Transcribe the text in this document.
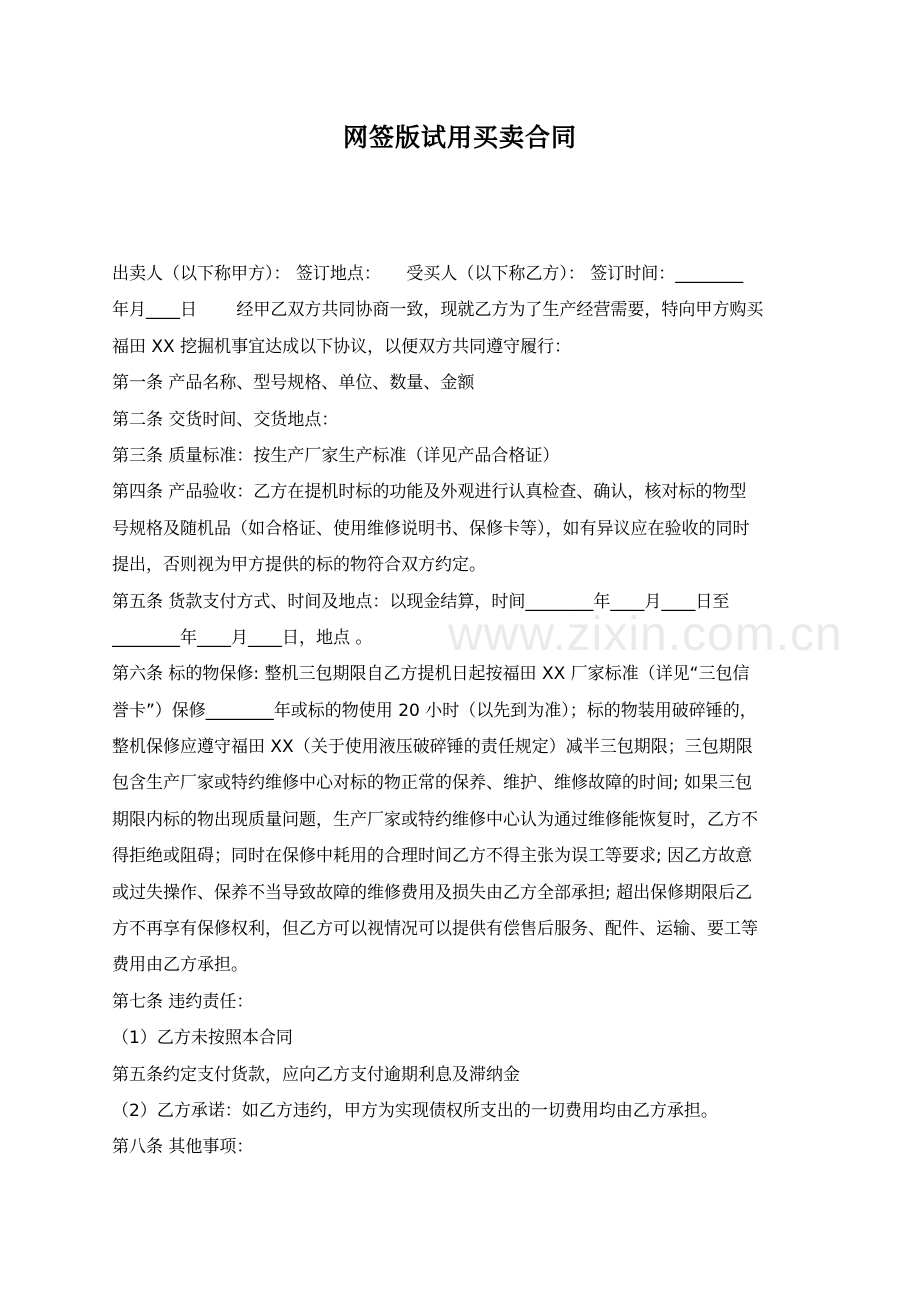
网签版试用买卖合同
www.zixin.com.cn
出卖人（以下称甲方）： 签订地点：　　受买人（以下称乙方）： 签订时间：________
年月____日　　 经甲乙双方共同协商一致，现就乙方为了生产经营需要，特向甲方购买
福田 XX 挖掘机事宜达成以下协议，以便双方共同遵守履行：
第一条 产品名称、型号规格、单位、数量、金额
第二条 交货时间、交货地点：
第三条 质量标准：按生产厂家生产标准（详见产品合格证）
第四条 产品验收：乙方在提机时标的功能及外观进行认真检查、确认，核对标的物型
号规格及随机品（如合格证、使用维修说明书、保修卡等），如有异议应在验收的同时
提出，否则视为甲方提供的标的物符合双方约定。
第五条 货款支付方式、时间及地点：以现金结算，时间________年____月____日至
________年____月____日，地点 。
第六条 标的物保修: 整机三包期限自乙方提机日起按福田 XX 厂家标准（详见“三包信
誉卡”）保修________年或标的物使用 20 小时（以先到为准）；标的物装用破碎锤的，
整机保修应遵守福田 XX（关于使用液压破碎锤的责任规定）减半三包期限；三包期限
包含生产厂家或特约维修中心对标的物正常的保养、维护、维修故障的时间; 如果三包
期限内标的物出现质量问题，生产厂家或特约维修中心认为通过维修能恢复时，乙方不
得拒绝或阻碍；同时在保修中耗用的合理时间乙方不得主张为误工等要求; 因乙方故意
或过失操作、保养不当导致故障的维修费用及损失由乙方全部承担; 超出保修期限后乙
方不再享有保修权利，但乙方可以视情况可以提供有偿售后服务、配件、运输、要工等
费用由乙方承担。
第七条 违约责任：
（1）乙方未按照本合同
第五条约定支付货款，应向乙方支付逾期利息及滞纳金
（2）乙方承诺：如乙方违约，甲方为实现债权所支出的一切费用均由乙方承担。
第八条 其他事项：
